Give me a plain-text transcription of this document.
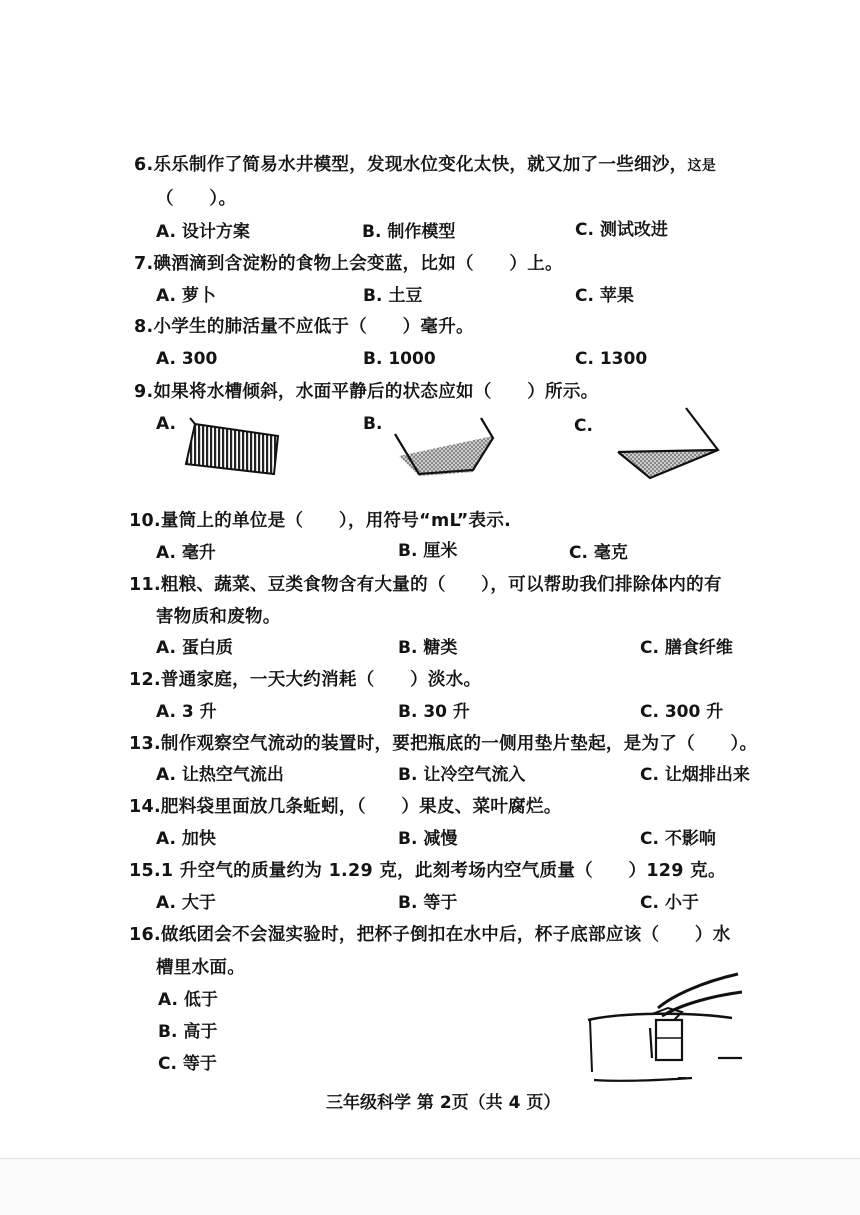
6.乐乐制作了简易水井模型，发现水位变化太快，就又加了一些细沙，这是
（　　）。
A. 设计方案	B. 制作模型	C. 测试改进
7.碘酒滴到含淀粉的食物上会变蓝，比如（　　）上。
A. 萝卜	B. 土豆	C. 苹果
8.小学生的肺活量不应低于（　　）毫升。
A. 300	B. 1000	C. 1300
9.如果将水槽倾斜，水面平静后的状态应如（　　）所示。
A.	B.	C.
10.量筒上的单位是（　　），用符号“mL”表示.
A. 毫升	B. 厘米	C. 毫克
11.粗粮、蔬菜、豆类食物含有大量的（　　），可以帮助我们排除体内的有
害物质和废物。
A. 蛋白质	B. 糖类	C. 膳食纤维
12.普通家庭，一天大约消耗（　　）淡水。
A. 3 升	B. 30 升	C. 300 升
13.制作观察空气流动的装置时，要把瓶底的一侧用垫片垫起，是为了（　　）。
A. 让热空气流出	B. 让冷空气流入	C. 让烟排出来
14.肥料袋里面放几条蚯蚓，（　　）果皮、菜叶腐烂。
A. 加快	B. 减慢	C. 不影响
15.1 升空气的质量约为 1.29 克，此刻考场内空气质量（　　）129 克。
A. 大于	B. 等于	C. 小于
16.做纸团会不会湿实验时，把杯子倒扣在水中后，杯子底部应该（　　）水
槽里水面。
A. 低于
B. 高于
C. 等于
三年级科学 第 2页（共 4 页）
